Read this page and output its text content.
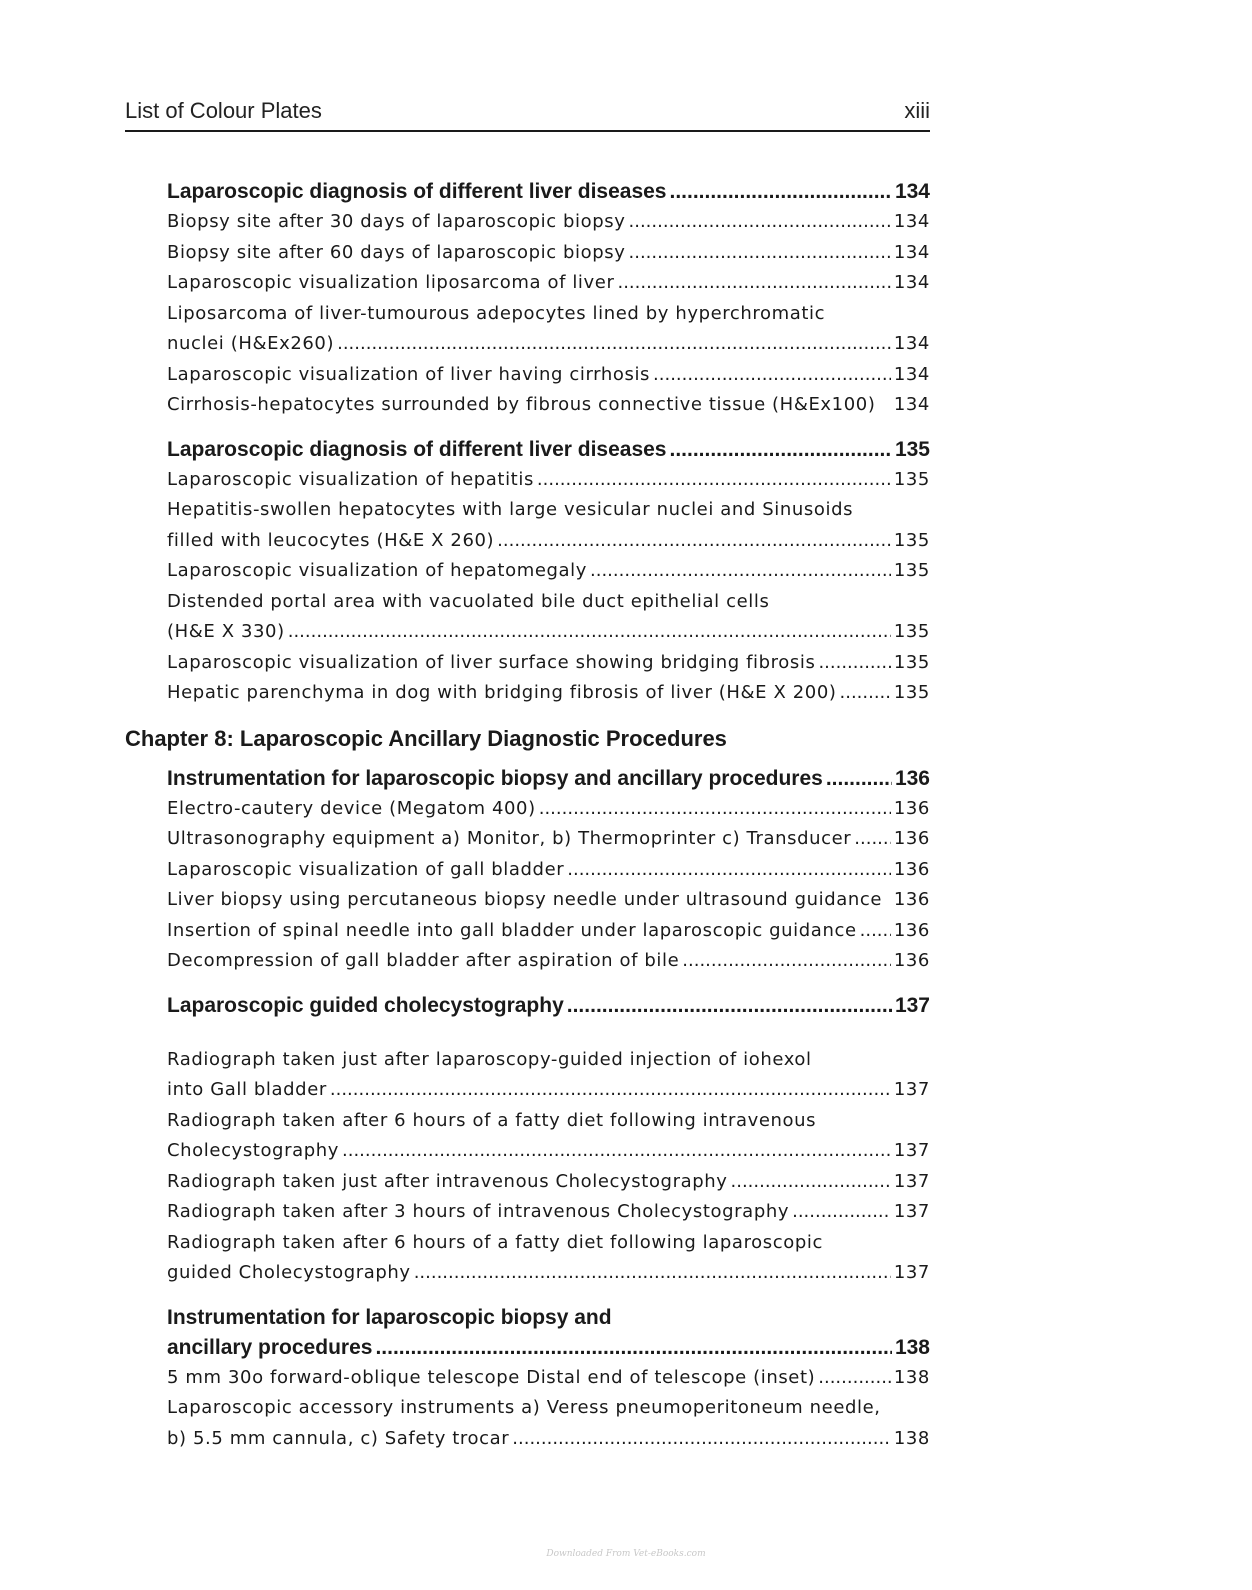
List of Colour Plates	xiii
Laparoscopic diagnosis of different liver diseases .....	134
Biopsy site after 30 days of laparoscopic biopsy .....	134
Biopsy site after 60 days of laparoscopic biopsy .....	134
Laparoscopic visualization liposarcoma of liver .....	134
Liposarcoma of liver-tumourous adepocytes lined by hyperchromatic
nuclei (H&Ex260) .....	134
Laparoscopic visualization of liver having cirrhosis .....	134
Cirrhosis-hepatocytes surrounded by fibrous connective tissue (H&Ex100) 134
Laparoscopic diagnosis of different liver diseases .....	135
Laparoscopic visualization of hepatitis .....	135
Hepatitis-swollen hepatocytes with large vesicular nuclei and Sinusoids
filled with leucocytes (H&E X 260) .....	135
Laparoscopic visualization of hepatomegaly .....	135
Distended portal area with vacuolated bile duct epithelial cells
(H&E X 330) .....	135
Laparoscopic visualization of liver surface showing bridging fibrosis .....	135
Hepatic parenchyma in dog with bridging fibrosis of liver (H&E X 200) .....	135
Chapter 8: Laparoscopic Ancillary Diagnostic Procedures
Instrumentation for laparoscopic biopsy and ancillary procedures .....	136
Electro-cautery device (Megatom 400) .....	136
Ultrasonography equipment a) Monitor, b) Thermoprinter c) Transducer ..... 136
Laparoscopic visualization of gall bladder .....	136
Liver biopsy using percutaneous biopsy needle under ultrasound guidance 136
Insertion of spinal needle into gall bladder under laparoscopic guidance ..... 136
Decompression of gall bladder after aspiration of bile .....	136
Laparoscopic guided cholecystography .....	137
Radiograph taken just after laparoscopy-guided injection of iohexol
into Gall bladder .....	137
Radiograph taken after 6 hours of a fatty diet following intravenous
Cholecystography .....	137
Radiograph taken just after intravenous Cholecystography .....	137
Radiograph taken after 3 hours of intravenous Cholecystography .....	137
Radiograph taken after 6 hours of a fatty diet following laparoscopic
guided Cholecystography .....	137
Instrumentation for laparoscopic biopsy and
ancillary procedures .....	138
5 mm 30o forward-oblique telescope Distal end of telescope (inset) .....	138
Laparoscopic accessory instruments a) Veress pneumoperitoneum needle,
b) 5.5 mm cannula, c) Safety trocar .....	138
Downloaded From Vet-eBooks.com
